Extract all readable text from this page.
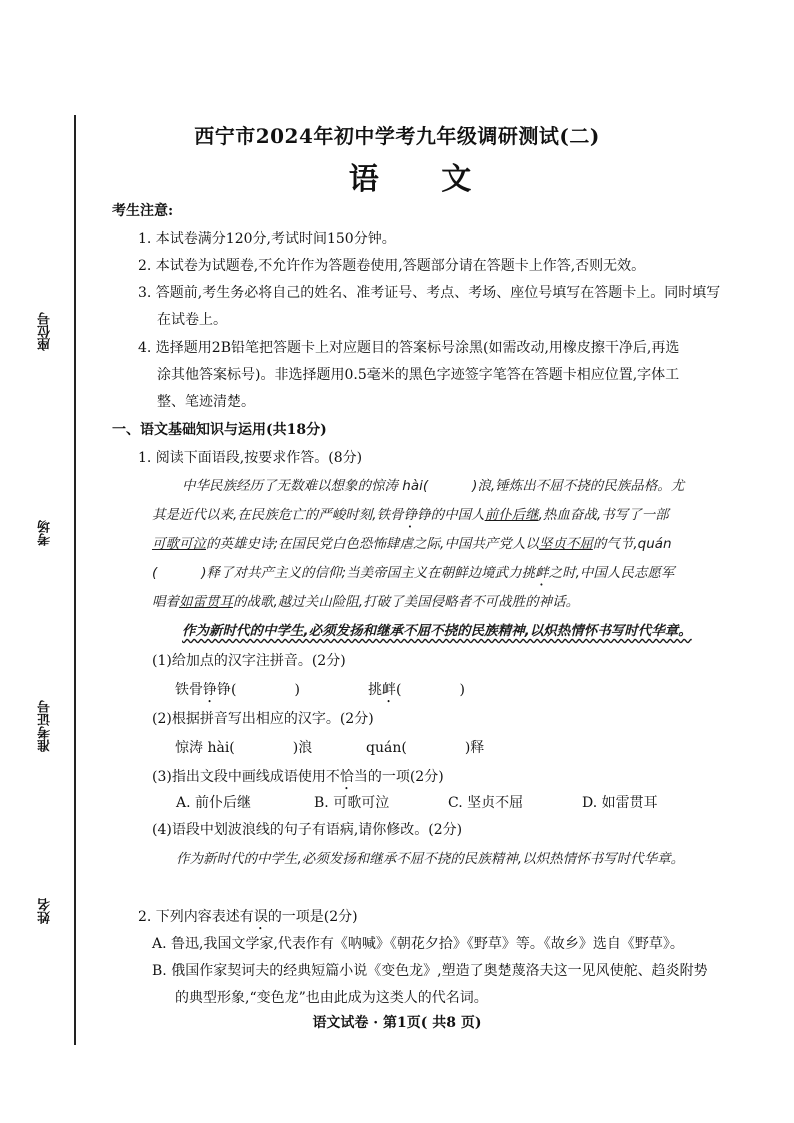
座位号
考场
准考证号
姓名
西宁市2024年初中学考九年级调研测试(二)
语 文
考生注意:
1. 本试卷满分120分,考试时间150分钟。
2. 本试卷为试题卷,不允许作为答题卷使用,答题部分请在答题卡上作答,否则无效。
3. 答题前,考生务必将自己的姓名、准考证号、考点、考场、座位号填写在答题卡上。同时填写
在试卷上。
4. 选择题用2B铅笔把答题卡上对应题目的答案标号涂黑(如需改动,用橡皮擦干净后,再选
涂其他答案标号)。非选择题用0.5毫米的黑色字迹签字笔答在答题卡相应位置,字体工
整、笔迹清楚。
一、语文基础知识与运用(共18分)
1. 阅读下面语段,按要求作答。(8分)
中华民族经历了无数难以想象的惊涛 hài(	)浪,锤炼出不屈不挠的民族品格。尤
其是近代以来,在民族危亡的严峻时刻,铁骨铮铮的中国人前仆后继,热血奋战,书写了一部
可歌可泣的英雄史诗;在国民党白色恐怖肆虐之际,中国共产党人以坚贞不屈的气节,quán
(	)释了对共产主义的信仰;当美帝国主义在朝鲜边境武力挑衅之时,中国人民志愿军
唱着如雷贯耳的战歌,越过关山险阻,打破了美国侵略者不可战胜的神话。
作为新时代的中学生,必须发扬和继承不屈不挠的民族精神,以炽热情怀书写时代华章。
(1)给加点的汉字注拼音。(2分)
铁骨铮铮(	)	挑衅(	)
(2)根据拼音写出相应的汉字。(2分)
惊涛 hài(	)浪	quán(	)释
(3)指出文段中画线成语使用不恰当的一项(2分)
A. 前仆后继	B. 可歌可泣	C. 坚贞不屈	D. 如雷贯耳
(4)语段中划波浪线的句子有语病,请你修改。(2分)
作为新时代的中学生,必须发扬和继承不屈不挠的民族精神,以炽热情怀书写时代华章。
2. 下列内容表述有误的一项是(2分)
A. 鲁迅,我国文学家,代表作有《呐喊》《朝花夕拾》《野草》等。《故乡》选自《野草》。
B. 俄国作家契诃夫的经典短篇小说《变色龙》,塑造了奥楚蔑洛夫这一见风使舵、趋炎附势
的典型形象,“变色龙”也由此成为这类人的代名词。
语文试卷 · 第1页( 共8 页)
